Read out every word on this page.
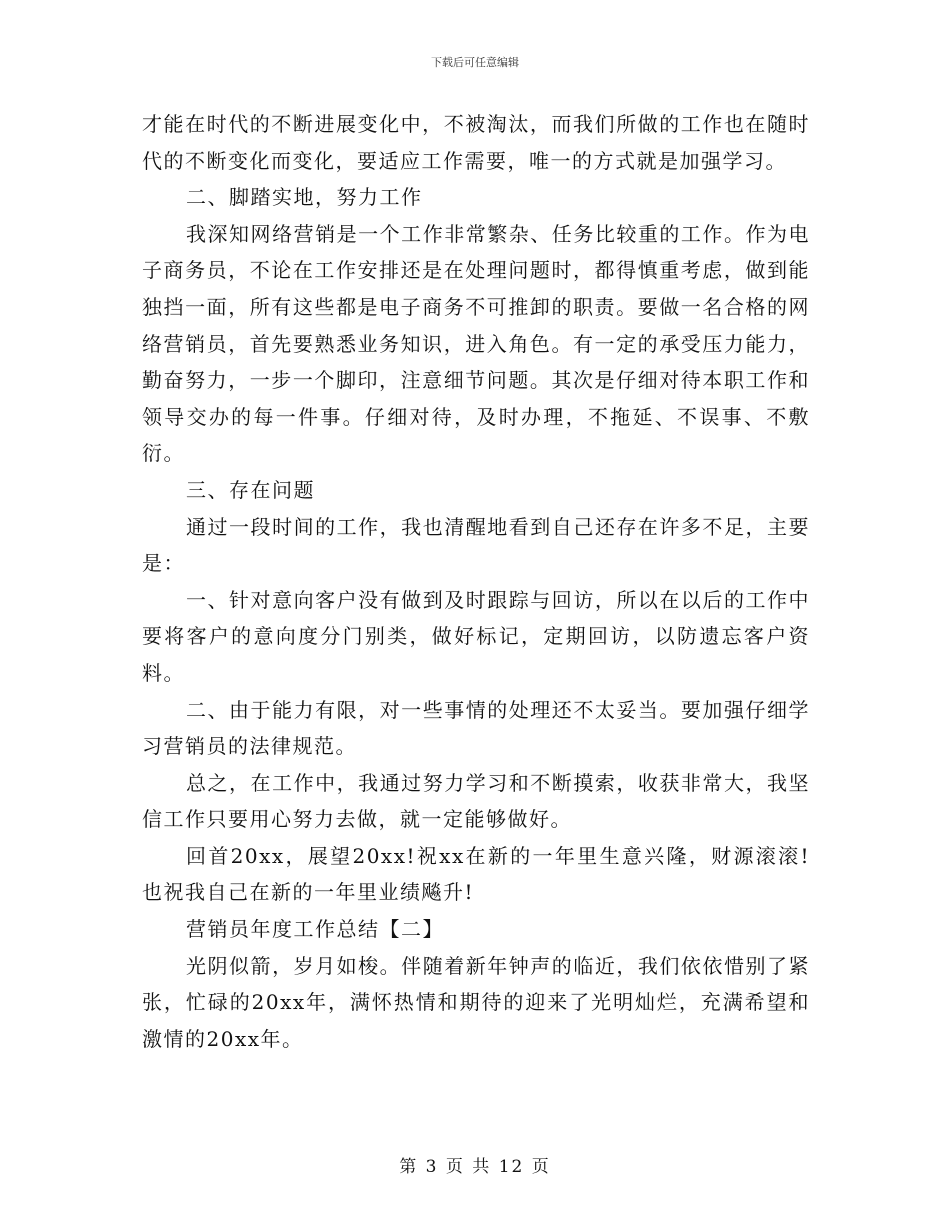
下载后可任意编辑

才能在时代的不断进展变化中，不被淘汰，而我们所做的工作也在随时代的不断变化而变化，要适应工作需要，唯一的方式就是加强学习。

二、脚踏实地，努力工作

我深知网络营销是一个工作非常繁杂、任务比较重的工作。作为电子商务员，不论在工作安排还是在处理问题时，都得慎重考虑，做到能独挡一面，所有这些都是电子商务不可推卸的职责。要做一名合格的网络营销员，首先要熟悉业务知识，进入角色。有一定的承受压力能力，勤奋努力，一步一个脚印，注意细节问题。其次是仔细对待本职工作和领导交办的每一件事。仔细对待，及时办理，不拖延、不误事、不敷衍。

三、存在问题

通过一段时间的工作，我也清醒地看到自己还存在许多不足，主要是：

一、针对意向客户没有做到及时跟踪与回访，所以在以后的工作中要将客户的意向度分门别类，做好标记，定期回访，以防遗忘客户资料。

二、由于能力有限，对一些事情的处理还不太妥当。要加强仔细学习营销员的法律规范。

总之，在工作中，我通过努力学习和不断摸索，收获非常大，我坚信工作只要用心努力去做，就一定能够做好。

回首20xx，展望20xx!祝xx在新的一年里生意兴隆，财源滚滚!也祝我自己在新的一年里业绩飚升!

营销员年度工作总结【二】

光阴似箭，岁月如梭。伴随着新年钟声的临近，我们依依惜别了紧张，忙碌的20xx年，满怀热情和期待的迎来了光明灿烂，充满希望和激情的20xx年。

第 3 页 共 12 页
